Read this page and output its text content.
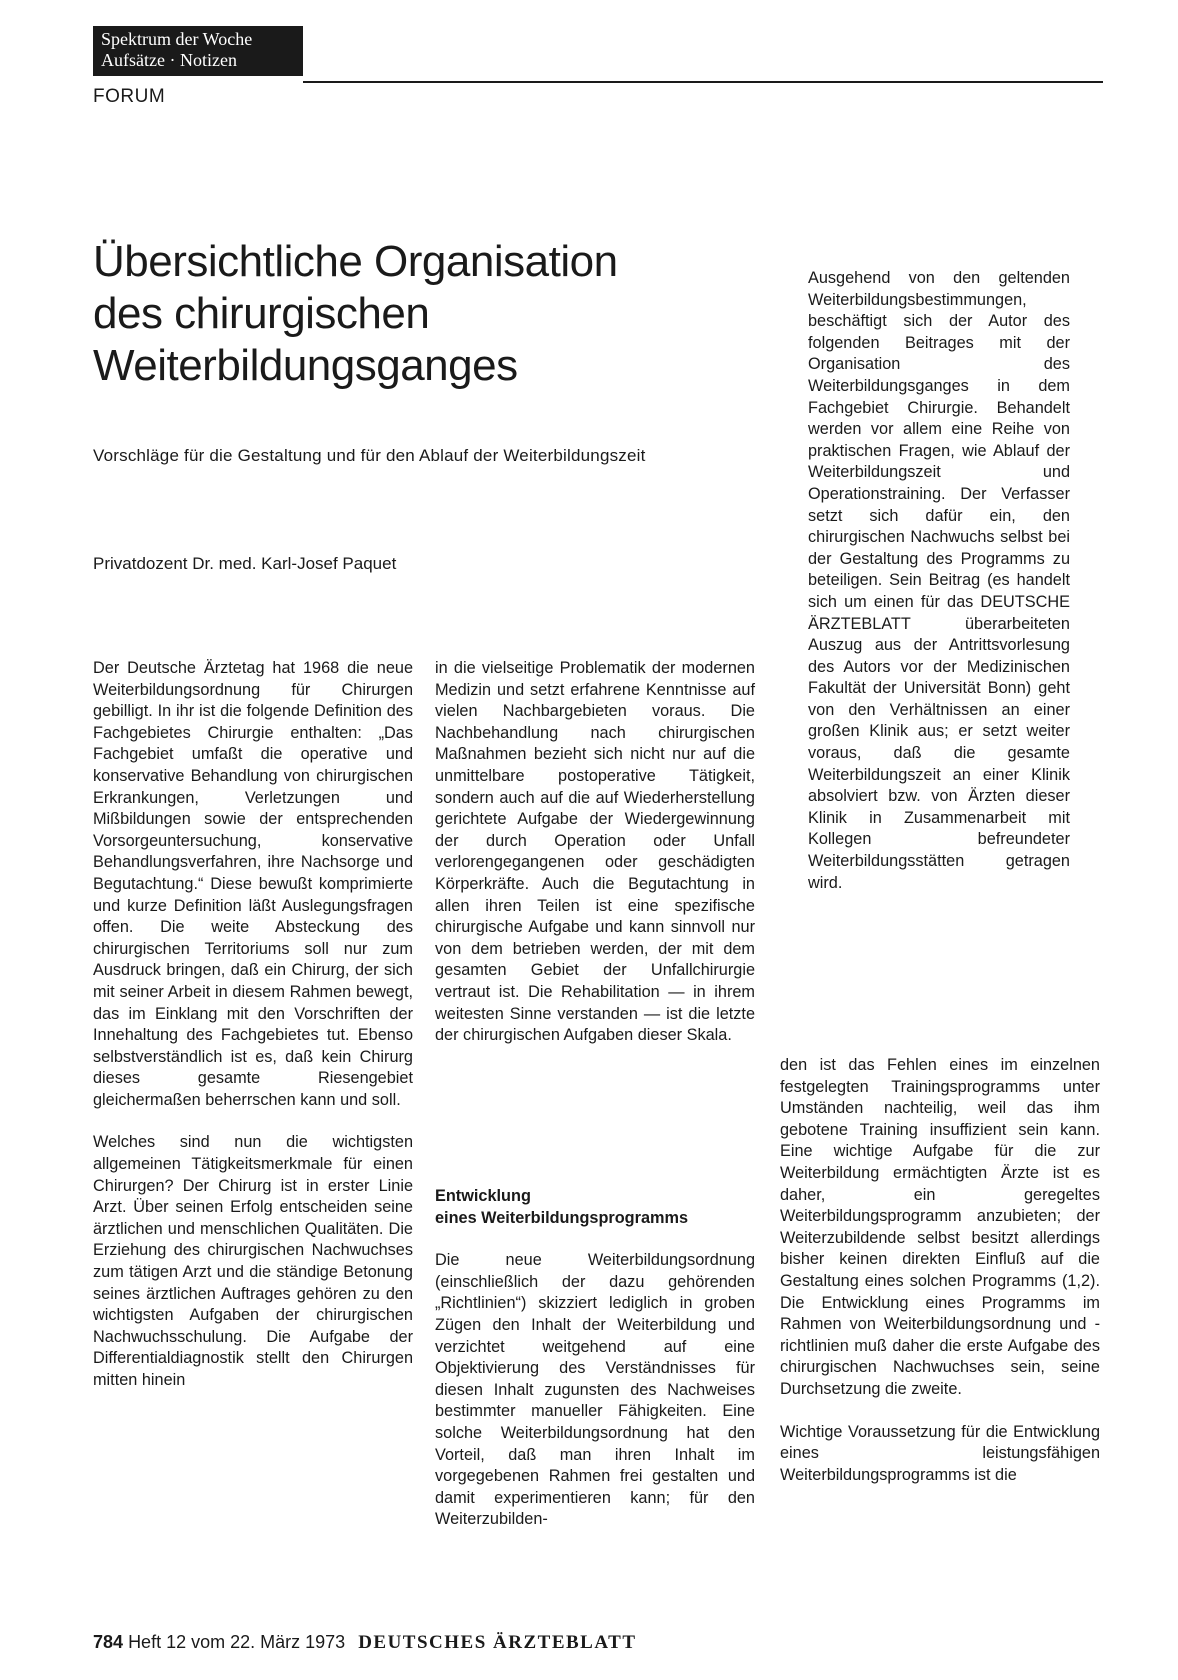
Spektrum der Woche
Aufsätze · Notizen
FORUM
Übersichtliche Organisation
des chirurgischen
Weiterbildungsganges
Vorschläge für die Gestaltung und für den Ablauf der Weiterbildungszeit
Privatdozent Dr. med. Karl-Josef Paquet
Ausgehend von den geltenden Weiterbildungsbestimmungen, beschäftigt sich der Autor des folgenden Beitrages mit der Organisation des Weiterbildungsganges in dem Fachgebiet Chirurgie. Behandelt werden vor allem eine Reihe von praktischen Fragen, wie Ablauf der Weiterbildungszeit und Operationstraining. Der Verfasser setzt sich dafür ein, den chirurgischen Nachwuchs selbst bei der Gestaltung des Programms zu beteiligen. Sein Beitrag (es handelt sich um einen für das DEUTSCHE ÄRZTEBLATT überarbeiteten Auszug aus der Antrittsvorlesung des Autors vor der Medizinischen Fakultät der Universität Bonn) geht von den Verhältnissen an einer großen Klinik aus; er setzt weiter voraus, daß die gesamte Weiterbildungszeit an einer Klinik absolviert bzw. von Ärzten dieser Klinik in Zusammenarbeit mit Kollegen befreundeter Weiterbildungsstätten getragen wird.

Der Deutsche Ärztetag hat 1968 die neue Weiterbildungsordnung für Chirurgen gebilligt. In ihr ist die folgende Definition des Fachgebietes Chirurgie enthalten: „Das Fachgebiet umfaßt die operative und konservative Behandlung von chirurgischen Erkrankungen, Verletzungen und Mißbildungen sowie der entsprechenden Vorsorgeuntersuchung, konservative Behandlungsverfahren, ihre Nachsorge und Begutachtung.“ Diese bewußt komprimierte und kurze Definition läßt Auslegungsfragen offen. Die weite Absteckung des chirurgischen Territoriums soll nur zum Ausdruck bringen, daß ein Chirurg, der sich mit seiner Arbeit in diesem Rahmen bewegt, das im Einklang mit den Vorschriften der Innehaltung des Fachgebietes tut. Ebenso selbstverständlich ist es, daß kein Chirurg dieses gesamte Riesengebiet gleichermaßen beherrschen kann und soll.

Welches sind nun die wichtigsten allgemeinen Tätigkeitsmerkmale für einen Chirurgen? Der Chirurg ist in erster Linie Arzt. Über seinen Erfolg entscheiden seine ärztlichen und menschlichen Qualitäten. Die Erziehung des chirurgischen Nachwuchses zum tätigen Arzt und die ständige Betonung seines ärztlichen Auftrages gehören zu den wichtigsten Aufgaben der chirurgischen Nachwuchsschulung. Die Aufgabe der Differentialdiagnostik stellt den Chirurgen mitten hinein

in die vielseitige Problematik der modernen Medizin und setzt erfahrene Kenntnisse auf vielen Nachbargebieten voraus. Die Nachbehandlung nach chirurgischen Maßnahmen bezieht sich nicht nur auf die unmittelbare postoperative Tätigkeit, sondern auch auf die auf Wiederherstellung gerichtete Aufgabe der Wiedergewinnung der durch Operation oder Unfall verlorengegangenen oder geschädigten Körperkräfte. Auch die Begutachtung in allen ihren Teilen ist eine spezifische chirurgische Aufgabe und kann sinnvoll nur von dem betrieben werden, der mit dem gesamten Gebiet der Unfallchirurgie vertraut ist. Die Rehabilitation — in ihrem weitesten Sinne verstanden — ist die letzte der chirurgischen Aufgaben dieser Skala.

Entwicklung
eines Weiterbildungsprogramms

Die neue Weiterbildungsordnung (einschließlich der dazu gehörenden „Richtlinien“) skizziert lediglich in groben Zügen den Inhalt der Weiterbildung und verzichtet weitgehend auf eine Objektivierung des Verständnisses für diesen Inhalt zugunsten des Nachweises bestimmter manueller Fähigkeiten. Eine solche Weiterbildungsordnung hat den Vorteil, daß man ihren Inhalt im vorgegebenen Rahmen frei gestalten und damit experimentieren kann; für den Weiterzubilden-

den ist das Fehlen eines im einzelnen festgelegten Trainingsprogramms unter Umständen nachteilig, weil das ihm gebotene Training insuffizient sein kann. Eine wichtige Aufgabe für die zur Weiterbildung ermächtigten Ärzte ist es daher, ein geregeltes Weiterbildungsprogramm anzubieten; der Weiterzubildende selbst besitzt allerdings bisher keinen direkten Einfluß auf die Gestaltung eines solchen Programms (1,2). Die Entwicklung eines Programms im Rahmen von Weiterbildungsordnung und -richtlinien muß daher die erste Aufgabe des chirurgischen Nachwuchses sein, seine Durchsetzung die zweite.

Wichtige Voraussetzung für die Entwicklung eines leistungsfähigen Weiterbildungsprogramms ist die

784 Heft 12 vom 22. März 1973 DEUTSCHES ÄRZTEBLATT
